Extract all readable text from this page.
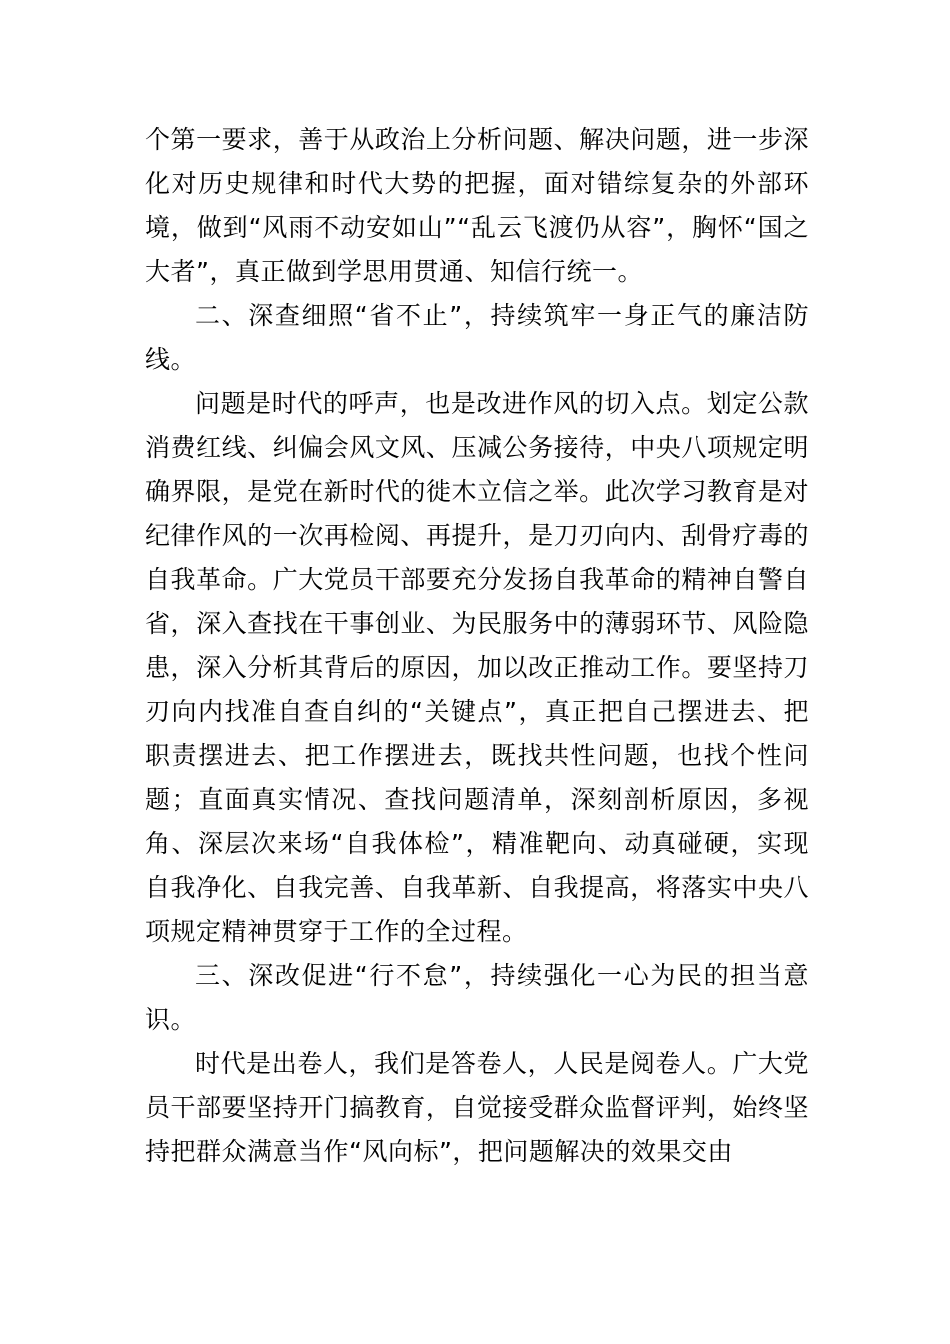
个第一要求，善于从政治上分析问题、解决问题，进一步深化对历史规律和时代大势的把握，面对错综复杂的外部环境，做到“风雨不动安如山”“乱云飞渡仍从容”，胸怀“国之大者”，真正做到学思用贯通、知信行统一。

二、深查细照“省不止”，持续筑牢一身正气的廉洁防线。

问题是时代的呼声，也是改进作风的切入点。划定公款消费红线、纠偏会风文风、压减公务接待，中央八项规定明确界限，是党在新时代的徙木立信之举。此次学习教育是对纪律作风的一次再检阅、再提升，是刀刃向内、刮骨疗毒的自我革命。广大党员干部要充分发扬自我革命的精神自警自省，深入查找在干事创业、为民服务中的薄弱环节、风险隐患，深入分析其背后的原因，加以改正推动工作。要坚持刀刃向内找准自查自纠的“关键点”，真正把自己摆进去、把职责摆进去、把工作摆进去，既找共性问题，也找个性问题；直面真实情况、查找问题清单，深刻剖析原因，多视角、深层次来场“自我体检”，精准靶向、动真碰硬，实现自我净化、自我完善、自我革新、自我提高，将落实中央八项规定精神贯穿于工作的全过程。

三、深改促进“行不怠”，持续强化一心为民的担当意识。

时代是出卷人，我们是答卷人，人民是阅卷人。广大党员干部要坚持开门搞教育，自觉接受群众监督评判，始终坚持把群众满意当作“风向标”，把问题解决的效果交由
